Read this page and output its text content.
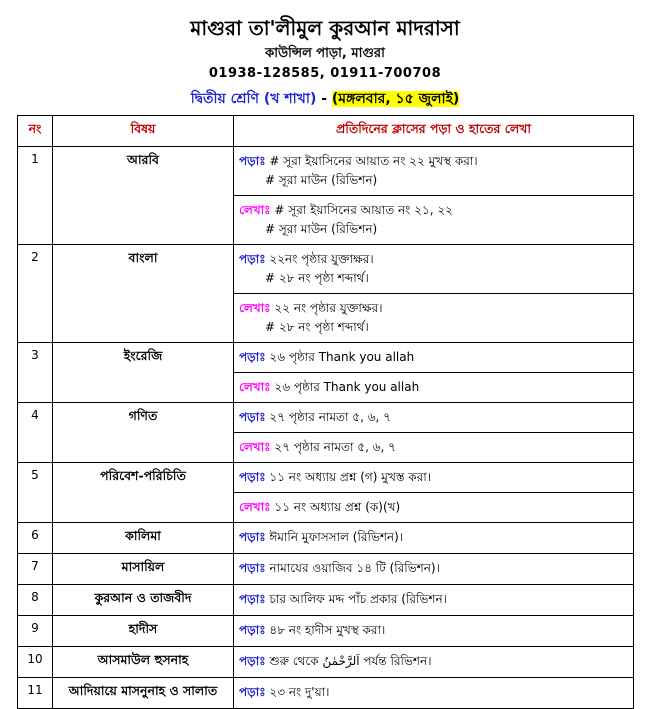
মাগুরা তা'লীমুল কুরআন মাদরাসা
কাউন্সিল পাড়া, মাগুরা
01938-128585, 01911-700708
দ্বিতীয় শ্রেণি (খ শাখা) - (মঙ্গলবার, ১৫ জুলাই)
নং	বিষয়	প্রতিদিনের ক্লাসের পড়া ও হাতের লেখা
1	আরবি	পড়াঃ # সূরা ইয়াসিনের আয়াত নং ২২ মুখস্থ করা।
# সূরা মাউন (রিভিশন)

		লেখাঃ # সূরা ইয়াসিনের আয়াত নং ২১, ২২
# সূরা মাউন (রিভিশন)

2	বাংলা	পড়াঃ ২২নং পৃষ্ঠার যুক্তাক্ষর।
# ২৮ নং পৃষ্ঠা শব্দার্থ।

		লেখাঃ ২২ নং পৃষ্ঠার যুক্তাক্ষর।
# ২৮ নং পৃষ্ঠা শব্দার্থ।

3	ইংরেজি	পড়াঃ ২৬ পৃষ্ঠার Thank you allah
		লেখাঃ ২৬ পৃষ্ঠার Thank you allah
4	গণিত	পড়াঃ ২৭ পৃষ্ঠার নামতা ৫, ৬, ৭
		লেখাঃ ২৭ পৃষ্ঠার নামতা ৫, ৬, ৭
5	পরিবেশ-পরিচিতি	পড়াঃ ১১ নং অধ্যায় প্রশ্ন (গ) মুখস্ত করা।
		লেখাঃ ১১ নং অধ্যায় প্রশ্ন (ক)(খ)
6	কালিমা	পড়াঃ ঈমানি মুফাসসাল (রিভিশন)।
7	মাসায়িল	পড়াঃ নামাযের ওয়াজিব ১৪ টি (রিভিশন)।
8	কুরআন ও তাজবীদ	পড়াঃ চার আলিফ মদ্দ পাঁচ প্রকার (রিভিশন।
9	হাদীস	পড়াঃ ৪৮ নং হাদীস মুখস্থ করা।
10	আসমাউল হুসনাহ	পড়াঃ শুরু থেকে اَلرَّحْمٰنُ পর্যন্ত রিভিশন।
11	আদিয়ায়ে মাসনুনাহ ও সালাত	পড়াঃ ২৩ নং দু'য়া।
